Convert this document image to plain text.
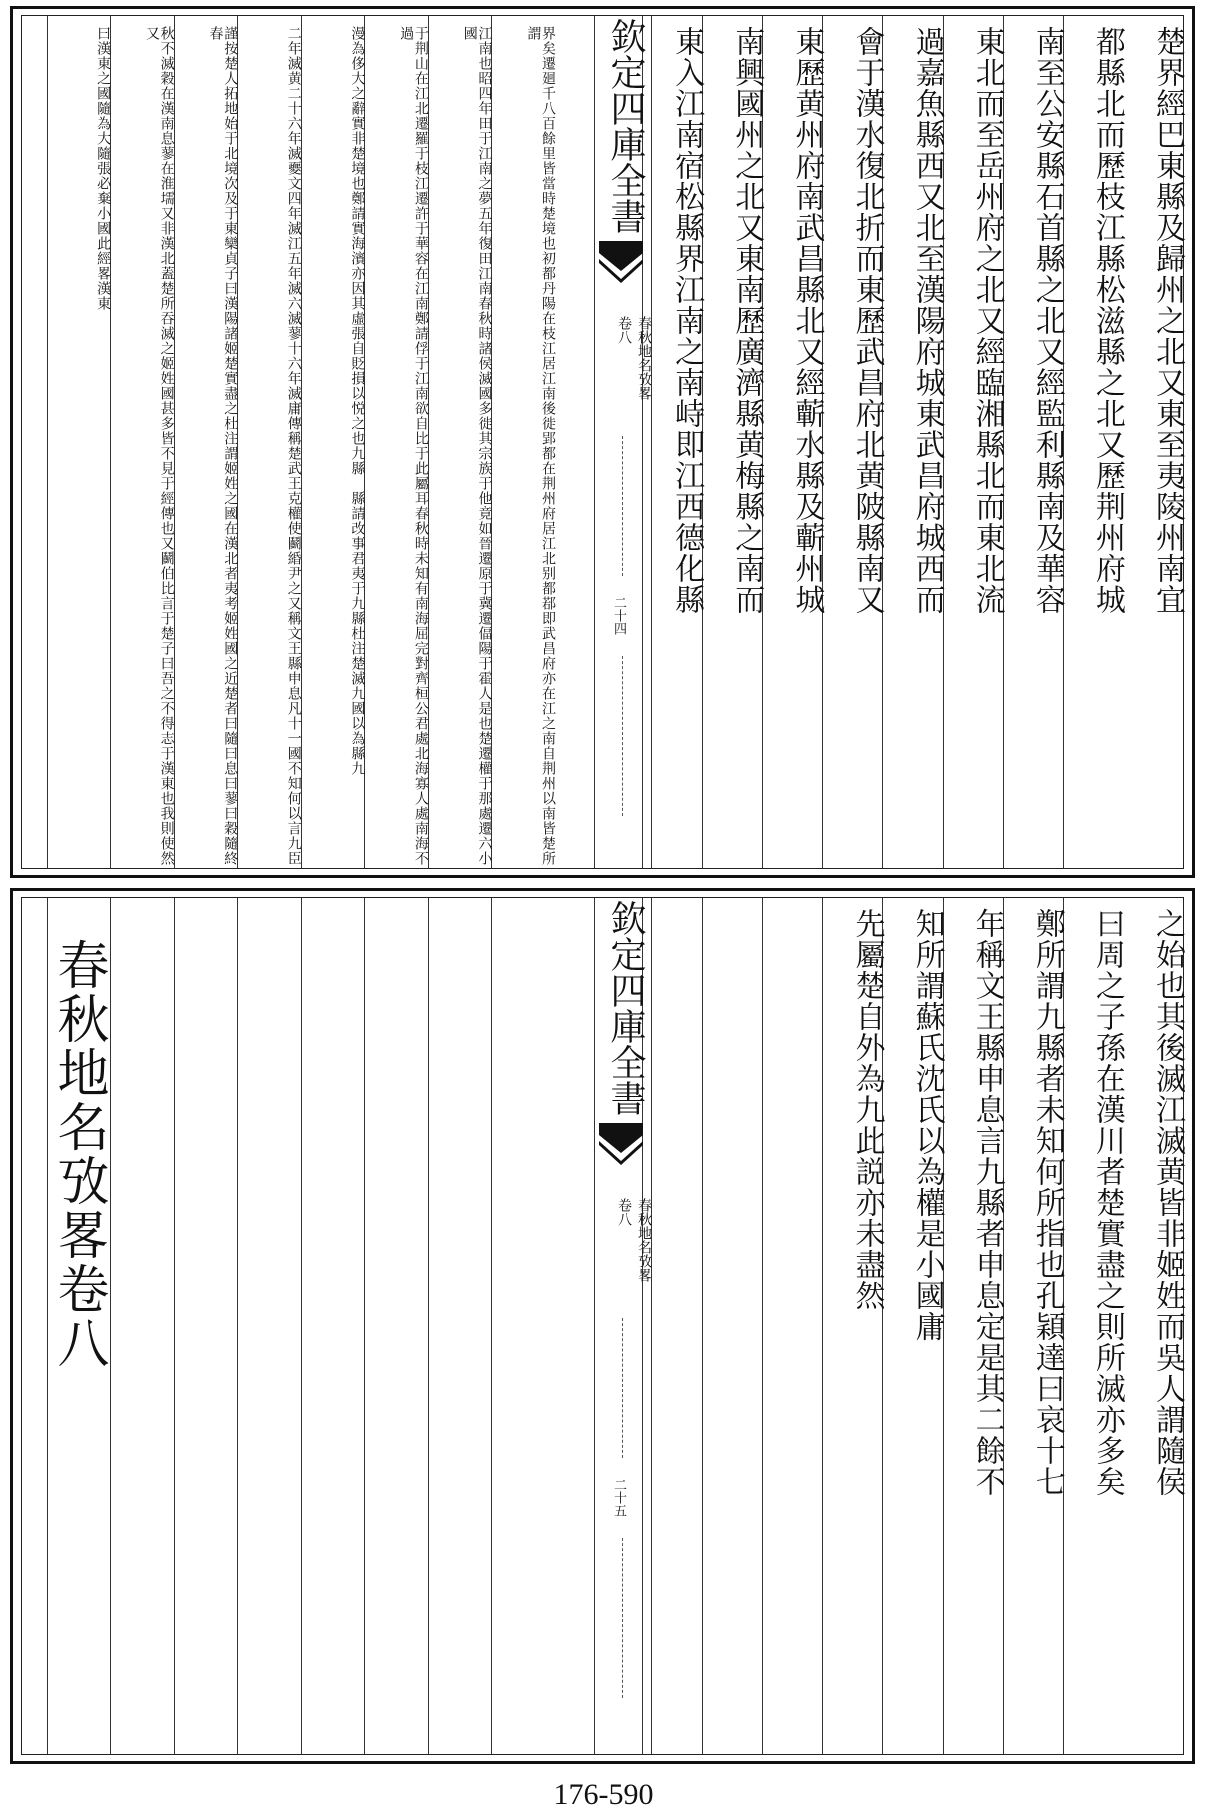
楚界經巴東縣及歸州之北又東至夷陵州南宜
都縣北而歷枝江縣松滋縣之北又歷荆州府城
南至公安縣石首縣之北又經監利縣南及華容
東北而至岳州府之北又經臨湘縣北而東北流
過嘉魚縣西又北至漢陽府城東武昌府城西而
會于漢水復北折而東歷武昌府北黄陂縣南又
東歷黄州府南武昌縣北又經蘄水縣及蘄州城
南興國州之北又東南歷廣濟縣黄梅縣之南而
東入江南宿松縣界江南之南峙即江西德化縣
欽定四庫全書
春秋地名攷畧
卷八
二十四
界矣遷廻千八百餘里皆當時楚境也初都丹陽在枝江居江南後徙郢都在荆州府居江北别都鄀即武昌府亦在江之南自荆州以南皆楚所謂
江南也昭四年田于江南之夢五年復田江南春秋時諸侯滅國多徙其宗族于他竟如晉遷原于冀遷偪陽于霍人是也楚遷權于那處遷六小國
于荆山在江北遷羅于枝江遷許于華容在江南鄭請俘于江南欲自比于此屬耳春秋時未知有南海屈完對齊桓公君處北海寡人處南海不過
漫為侈大之辭實非楚境也鄭請實海濱亦因其虛張自貶損以悦之也九縣　縣請改事君夷于九縣杜注楚滅九國以為縣九
二年滅黄二十六年滅夒文四年滅江五年滅六滅蓼十六年滅庸傳稱楚武王克權使鬬緍尹之又稱文王縣申息凡十一國不知何以言九臣
謹按楚人拓地始于北境次及于東欒貞子曰漢陽諸姬楚實盡之杜注謂姬姓之國在漢北者夷考姬姓國之近楚者曰隨曰息曰蓼曰穀隨終春
秋不滅穀在漢南息蓼在淮壖又非漢北蓋楚所吞滅之姬姓國甚多皆不見于經傳也又鬬伯比言于楚子曰吾之不得志于漢東也我則使然又
曰漢東之國隨為大隨張必棄小國此經畧漢東
之始也其後滅江滅黄皆非姬姓而吳人謂隨侯
曰周之子孫在漢川者楚實盡之則所滅亦多矣
鄭所謂九縣者未知何所指也孔穎達曰哀十七
年稱文王縣申息言九縣者申息定是其二餘不
知所謂蘇氏沈氏以為權是小國庸
先屬楚自外為九此説亦未盡然
欽定四庫全書
春秋地名攷畧
卷八
二十五
春秋地名攷畧卷八
176-590
